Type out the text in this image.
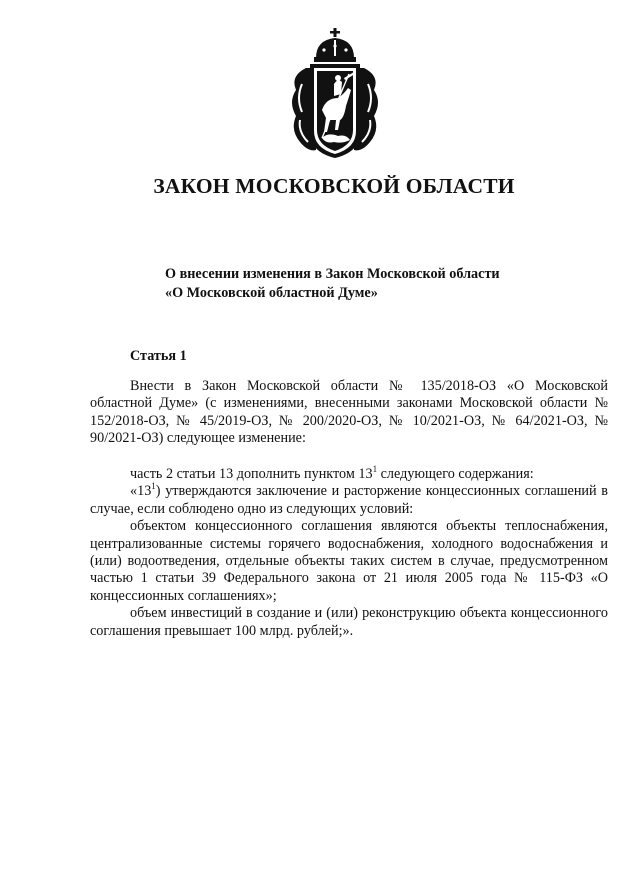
ЗАКОН МОСКОВСКОЙ ОБЛАСТИ
О внесении изменения в Закон Московской области
«О Московской областной Думе»
Статья 1

Внести в Закон Московской области № 135/2018-ОЗ «О Московской областной Думе» (с изменениями, внесенными законами Московской области № 152/2018-ОЗ, № 45/2019-ОЗ, № 200/2020-ОЗ, № 10/2021-ОЗ, № 64/2021-ОЗ, № 90/2021-ОЗ) следующее изменение:

часть 2 статьи 13 дополнить пунктом $13^1$ следующего содержания:

«$13^1$) утверждаются заключение и расторжение концессионных соглашений в случае, если соблюдено одно из следующих условий:

объектом концессионного соглашения являются объекты теплоснабжения, централизованные системы горячего водоснабжения, холодного водоснабжения и (или) водоотведения, отдельные объекты таких систем в случае, предусмотренном частью 1 статьи 39 Федерального закона от 21 июля 2005 года № 115-ФЗ «О концессионных соглашениях»;

объем инвестиций в создание и (или) реконструкцию объекта концессионного соглашения превышает 100 млрд. рублей;».
